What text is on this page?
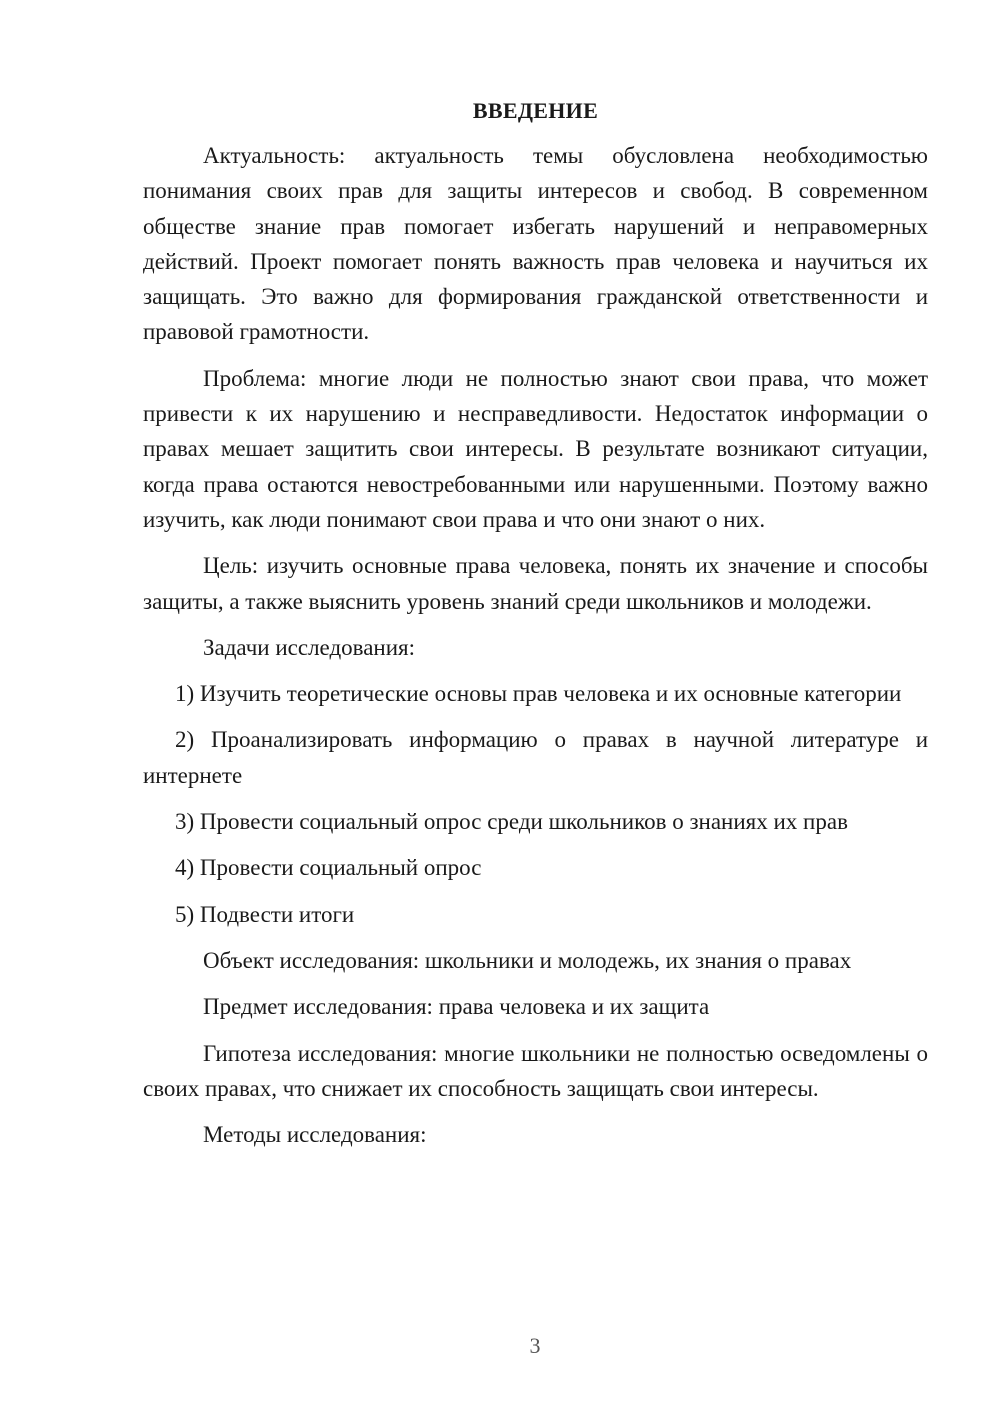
ВВЕДЕНИЕ

Актуальность: актуальность темы обусловлена необходимостью понимания своих прав для защиты интересов и свобод. В современном обществе знание прав помогает избегать нарушений и неправомерных действий. Проект помогает понять важность прав человека и научиться их защищать. Это важно для формирования гражданской ответственности и правовой грамотности.

Проблема: многие люди не полностью знают свои права, что может привести к их нарушению и несправедливости. Недостаток информации о правах мешает защитить свои интересы. В результате возникают ситуации, когда права остаются невостребованными или нарушенными. Поэтому важно изучить, как люди понимают свои права и что они знают о них.

Цель: изучить основные права человека, понять их значение и способы защиты, а также выяснить уровень знаний среди школьников и молодежи.

Задачи исследования:

1) Изучить теоретические основы прав человека и их основные категории

2) Проанализировать информацию о правах в научной литературе и интернете

3) Провести социальный опрос среди школьников о знаниях их прав

4) Провести социальный опрос

5) Подвести итоги

Объект исследования: школьники и молодежь, их знания о правах

Предмет исследования: права человека и их защита

Гипотеза исследования: многие школьники не полностью осведомлены о своих правах, что снижает их способность защищать свои интересы.

Методы исследования:

3
